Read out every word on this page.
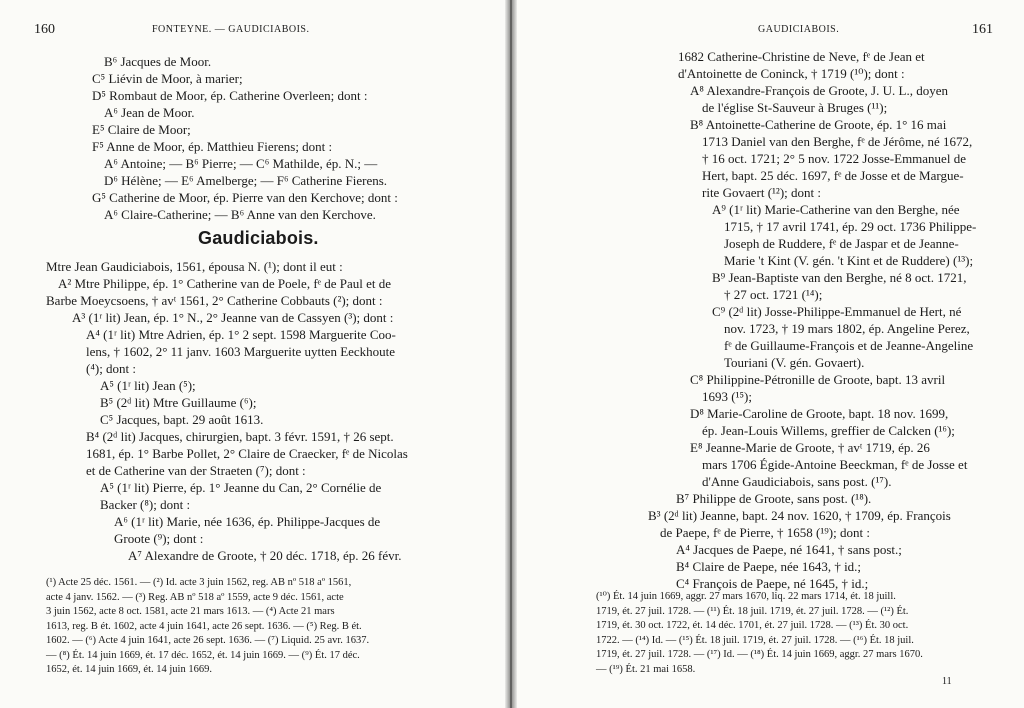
160	FONTEYNE. — GAUDICIABOIS.
B⁶ Jacques de Moor.
C⁵ Liévin de Moor, à marier;
D⁵ Rombaut de Moor, ép. Catherine Overleen; dont :
A⁶ Jean de Moor.
E⁵ Claire de Moor;
F⁵ Anne de Moor, ép. Matthieu Fierens; dont :
A⁶ Antoine; — B⁶ Pierre; — C⁶ Mathilde, ép. N.; —
D⁶ Hélène; — E⁶ Amelberge; — F⁶ Catherine Fierens.
G⁵ Catherine de Moor, ép. Pierre van den Kerchove; dont :
A⁶ Claire-Catherine; — B⁶ Anne van den Kerchove.
Gaudiciabois.
Mtre Jean Gaudiciabois, 1561, épousa N. (¹); dont il eut :
A² Mtre Philippe, ép. 1° Catherine van de Poele, fᵉ de Paul et de
Barbe Moeycsoens, † avᵗ 1561, 2° Catherine Cobbauts (²); dont :
A³ (1ʳ lit) Jean, ép. 1° N., 2° Jeanne van de Cassyen (³); dont :
A⁴ (1ʳ lit) Mtre Adrien, ép. 1° 2 sept. 1598 Marguerite Coo-
lens, † 1602, 2° 11 janv. 1603 Marguerite uytten Eeckhoute
(⁴); dont :
A⁵ (1ʳ lit) Jean (⁵);
B⁵ (2ᵈ lit) Mtre Guillaume (⁶);
C⁵ Jacques, bapt. 29 août 1613.
B⁴ (2ᵈ lit) Jacques, chirurgien, bapt. 3 févr. 1591, † 26 sept.
1681, ép. 1° Barbe Pollet, 2° Claire de Craecker, fᵉ de Nicolas
et de Catherine van der Straeten (⁷); dont :
A⁵ (1ʳ lit) Pierre, ép. 1° Jeanne du Can, 2° Cornélie de
Backer (⁸); dont :
A⁶ (1ʳ lit) Marie, née 1636, ép. Philippe-Jacques de
Groote (⁹); dont :
A⁷ Alexandre de Groote, † 20 déc. 1718, ép. 26 févr.
(¹) Acte 25 déc. 1561. — (²) Id. acte 3 juin 1562, reg. AB nº 518 aº 1561,
acte 4 janv. 1562. — (³) Reg. AB nº 518 aº 1559, acte 9 déc. 1561, acte
3 juin 1562, acte 8 oct. 1581, acte 21 mars 1613. — (⁴) Acte 21 mars
1613, reg. B ét. 1602, acte 4 juin 1641, acte 26 sept. 1636. — (⁵) Reg. B ét.
1602. — (⁶) Acte 4 juin 1641, acte 26 sept. 1636. — (⁷) Liquid. 25 avr. 1637.
— (⁸) Ét. 14 juin 1669, ét. 17 déc. 1652, ét. 14 juin 1669. — (⁹) Ét. 17 déc.
1652, ét. 14 juin 1669, ét. 14 juin 1669.
GAUDICIABOIS.	161
1682 Catherine-Christine de Neve, fᵉ de Jean et
d'Antoinette de Coninck, † 1719 (¹⁰); dont :
A⁸ Alexandre-François de Groote, J. U. L., doyen
de l'église St-Sauveur à Bruges (¹¹);
B⁸ Antoinette-Catherine de Groote, ép. 1° 16 mai
1713 Daniel van den Berghe, fᵉ de Jérôme, né 1672,
† 16 oct. 1721; 2° 5 nov. 1722 Josse-Emmanuel de
Hert, bapt. 25 déc. 1697, fᵉ de Josse et de Margue-
rite Govaert (¹²); dont :
A⁹ (1ʳ lit) Marie-Catherine van den Berghe, née
1715, † 17 avril 1741, ép. 29 oct. 1736 Philippe-
Joseph de Ruddere, fᵉ de Jaspar et de Jeanne-
Marie 't Kint (V. gén. 't Kint et de Ruddere) (¹³);
B⁹ Jean-Baptiste van den Berghe, né 8 oct. 1721,
† 27 oct. 1721 (¹⁴);
C⁹ (2ᵈ lit) Josse-Philippe-Emmanuel de Hert, né
nov. 1723, † 19 mars 1802, ép. Angeline Perez,
fᵉ de Guillaume-François et de Jeanne-Angeline
Touriani (V. gén. Govaert).
C⁸ Philippine-Pétronille de Groote, bapt. 13 avril
1693 (¹⁵);
D⁸ Marie-Caroline de Groote, bapt. 18 nov. 1699,
ép. Jean-Louis Willems, greffier de Calcken (¹⁶);
E⁸ Jeanne-Marie de Groote, † avᵗ 1719, ép. 26
mars 1706 Égide-Antoine Beeckman, fᵉ de Josse et
d'Anne Gaudiciabois, sans post. (¹⁷).
B⁷ Philippe de Groote, sans post. (¹⁸).
B³ (2ᵈ lit) Jeanne, bapt. 24 nov. 1620, † 1709, ép. François
de Paepe, fᵉ de Pierre, † 1658 (¹⁹); dont :
A⁴ Jacques de Paepe, né 1641, † sans post.;
B⁴ Claire de Paepe, née 1643, † id.;
C⁴ François de Paepe, né 1645, † id.;
(¹⁰) Ét. 14 juin 1669, aggr. 27 mars 1670, liq. 22 mars 1714, ét. 18 juill.
1719, ét. 27 juil. 1728. — (¹¹) Ét. 18 juil. 1719, ét. 27 juil. 1728. — (¹²) Ét.
1719, ét. 30 oct. 1722, ét. 14 déc. 1701, ét. 27 juil. 1728. — (¹³) Ét. 30 oct.
1722. — (¹⁴) Id. — (¹⁵) Ét. 18 juil. 1719, ét. 27 juil. 1728. — (¹⁶) Ét. 18 juil.
1719, ét. 27 juil. 1728. — (¹⁷) Id. — (¹⁸) Ét. 14 juin 1669, aggr. 27 mars 1670.
— (¹⁹) Ét. 21 mai 1658.
11
